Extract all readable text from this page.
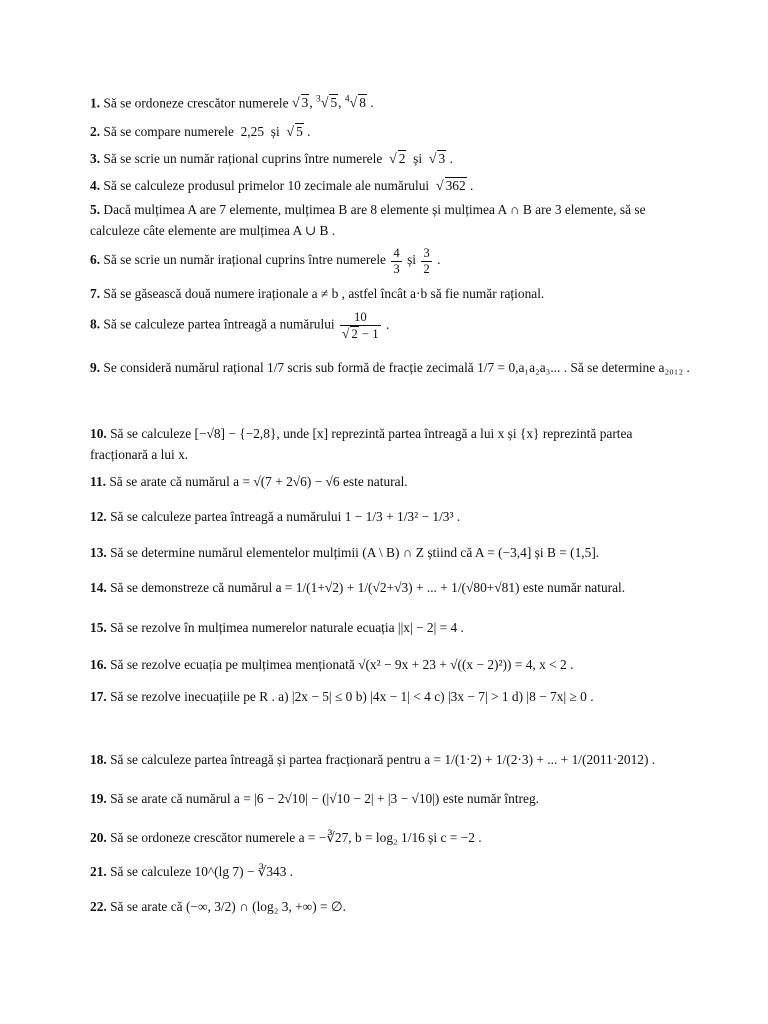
1. Să se ordoneze crescător numerele √ 3, $^3$√ 5, $^4$√ 8 .
2. Să se compare numerele  2,25  și  √ 5 .
3. Să se scrie un număr rațional cuprins între numerele √ 2  și  √ 3 .
4. Să se calculeze produsul primelor 10 zecimale ale numărului √ 362 .
5. Dacă mulțimea A are 7 elemente, mulțimea B are 8 elemente și mulțimea A ∩ B are 3 elemente, să se calculeze câte elemente are mulțimea A ∪ B .
6. Să se scrie un număr irațional cuprins între numerele $\frac{4}{3}$ și $\frac{3}{2}$ .
7. Să se găsească două numere iraționale a ≠ b , astfel încât a·b să fie număr rațional.
8. Să se calculeze partea întreagă a numărului $\frac{10}{√ 2 - 1}$ .
9. Se consideră numărul rațional 1/7 scris sub formă de fracție zecimală 1/7 = 0,a₁a₂a₃... . Să se determine a₂₀₁₂ .
10. Să se calculeze [−√8] − {−2,8}, unde [x] reprezintă partea întreagă a lui x și {x} reprezintă partea fracționară a lui x.
11. Să se arate că numărul a = √(7 + 2√6) − √6 este natural.
12. Să se calculeze partea întreagă a numărului 1 − 1/3 + 1/3² − 1/3³ .
13. Să se determine numărul elementelor mulțimii (A \ B) ∩ Z știind că A = (−3,4] și B = (1,5].
14. Să se demonstreze că numărul a = 1/(1+√2) + 1/(√2+√3) + ... + 1/(√80+√81) este număr natural.
15. Să se rezolve în mulțimea numerelor naturale ecuația ||x| − 2| = 4 .
16. Să se rezolve ecuația pe mulțimea menționată √(x² − 9x + 23 + √((x − 2)²)) = 4, x < 2 .
17. Să se rezolve inecuațiile pe R . a) |2x − 5| ≤ 0 b) |4x − 1| < 4 c) |3x − 7| > 1 d) |8 − 7x| ≥ 0 .
18. Să se calculeze partea întreagă și partea fracționară pentru a = 1/(1·2) + 1/(2·3) + ... + 1/(2011·2012) .
19. Să se arate că numărul a = |6 − 2√10| − (|√10 − 2| + |3 − √10|) este număr întreg.
20. Să se ordoneze crescător numerele a = −∛27, b = log₂ 1/16 și c = −2 .
21. Să se calculeze 10^(lg 7) − ∛343 .
22. Să se arate că (−∞, 3/2) ∩ (log₂ 3, +∞) = ∅.
